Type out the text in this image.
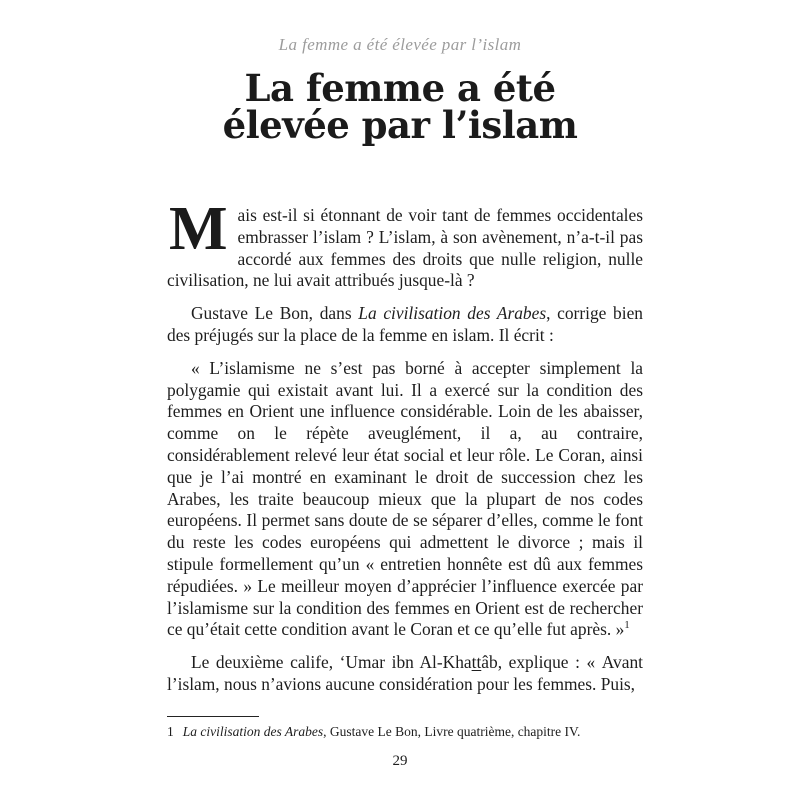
La femme a été élevée par l’islam
La femme a été
élevée par l’islam

Mais est-il si étonnant de voir tant de femmes occidentales embrasser l’islam ? L’islam, à son avènement, n’a-t-il pas accordé aux femmes des droits que nulle religion, nulle civilisation, ne lui avait attribués jusque-là ?

Gustave Le Bon, dans La civilisation des Arabes, corrige bien des préjugés sur la place de la femme en islam. Il écrit :

« L’islamisme ne s’est pas borné à accepter simplement la polygamie qui existait avant lui. Il a exercé sur la condition des femmes en Orient une influence considérable. Loin de les abaisser, comme on le répète aveuglément, il a, au contraire, considérablement relevé leur état social et leur rôle. Le Coran, ainsi que je l’ai montré en examinant le droit de succession chez les Arabes, les traite beaucoup mieux que la plupart de nos codes européens. Il permet sans doute de se séparer d’elles, comme le font du reste les codes européens qui admettent le divorce ; mais il stipule formellement qu’un « entretien honnête est dû aux femmes répudiées. » Le meilleur moyen d’apprécier l’influence exercée par l’islamisme sur la condition des femmes en Orient est de rechercher ce qu’était cette condition avant le Coran et ce qu’elle fut après. »$^1$

Le deuxième calife, ‘Umar ibn Al-Khattâb, explique : « Avant l’islam, nous n’avions aucune considération pour les femmes. Puis,

1 La civilisation des Arabes, Gustave Le Bon, Livre quatrième, chapitre IV.

29
